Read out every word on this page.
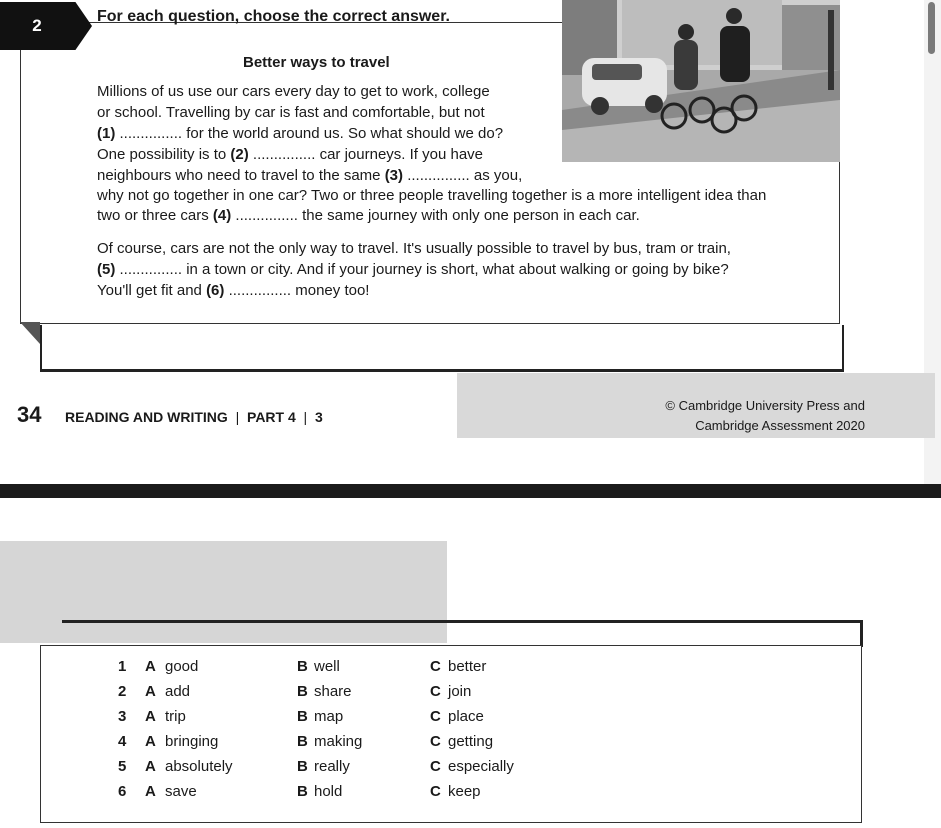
2	For each question, choose the correct answer.
Better ways to travel
Millions of us use our cars every day to get to work, college
or school. Travelling by car is fast and comfortable, but not
(1) ............... for the world around us. So what should we do?
One possibility is to (2) ............... car journeys. If you have
neighbours who need to travel to the same (3) ............... as you,
why not go together in one car? Two or three people travelling together is a more intelligent idea than
two or three cars (4) ............... the same journey with only one person in each car.
Of course, cars are not the only way to travel. It's usually possible to travel by bus, tram or train,
(5) ............... in a town or city. And if your journey is short, what about walking or going by bike?
You'll get fit and (6) ............... money too!
34 READING AND WRITING | PART 4 | 3
© Cambridge University Press and
Cambridge Assessment 2020
1 A good	B well	C better
2 A add	B share	C join
3 A trip	B map	C place
4 A bringing	B making	C getting
5 A absolutely	B really	C especially
6 A save	B hold	C keep
